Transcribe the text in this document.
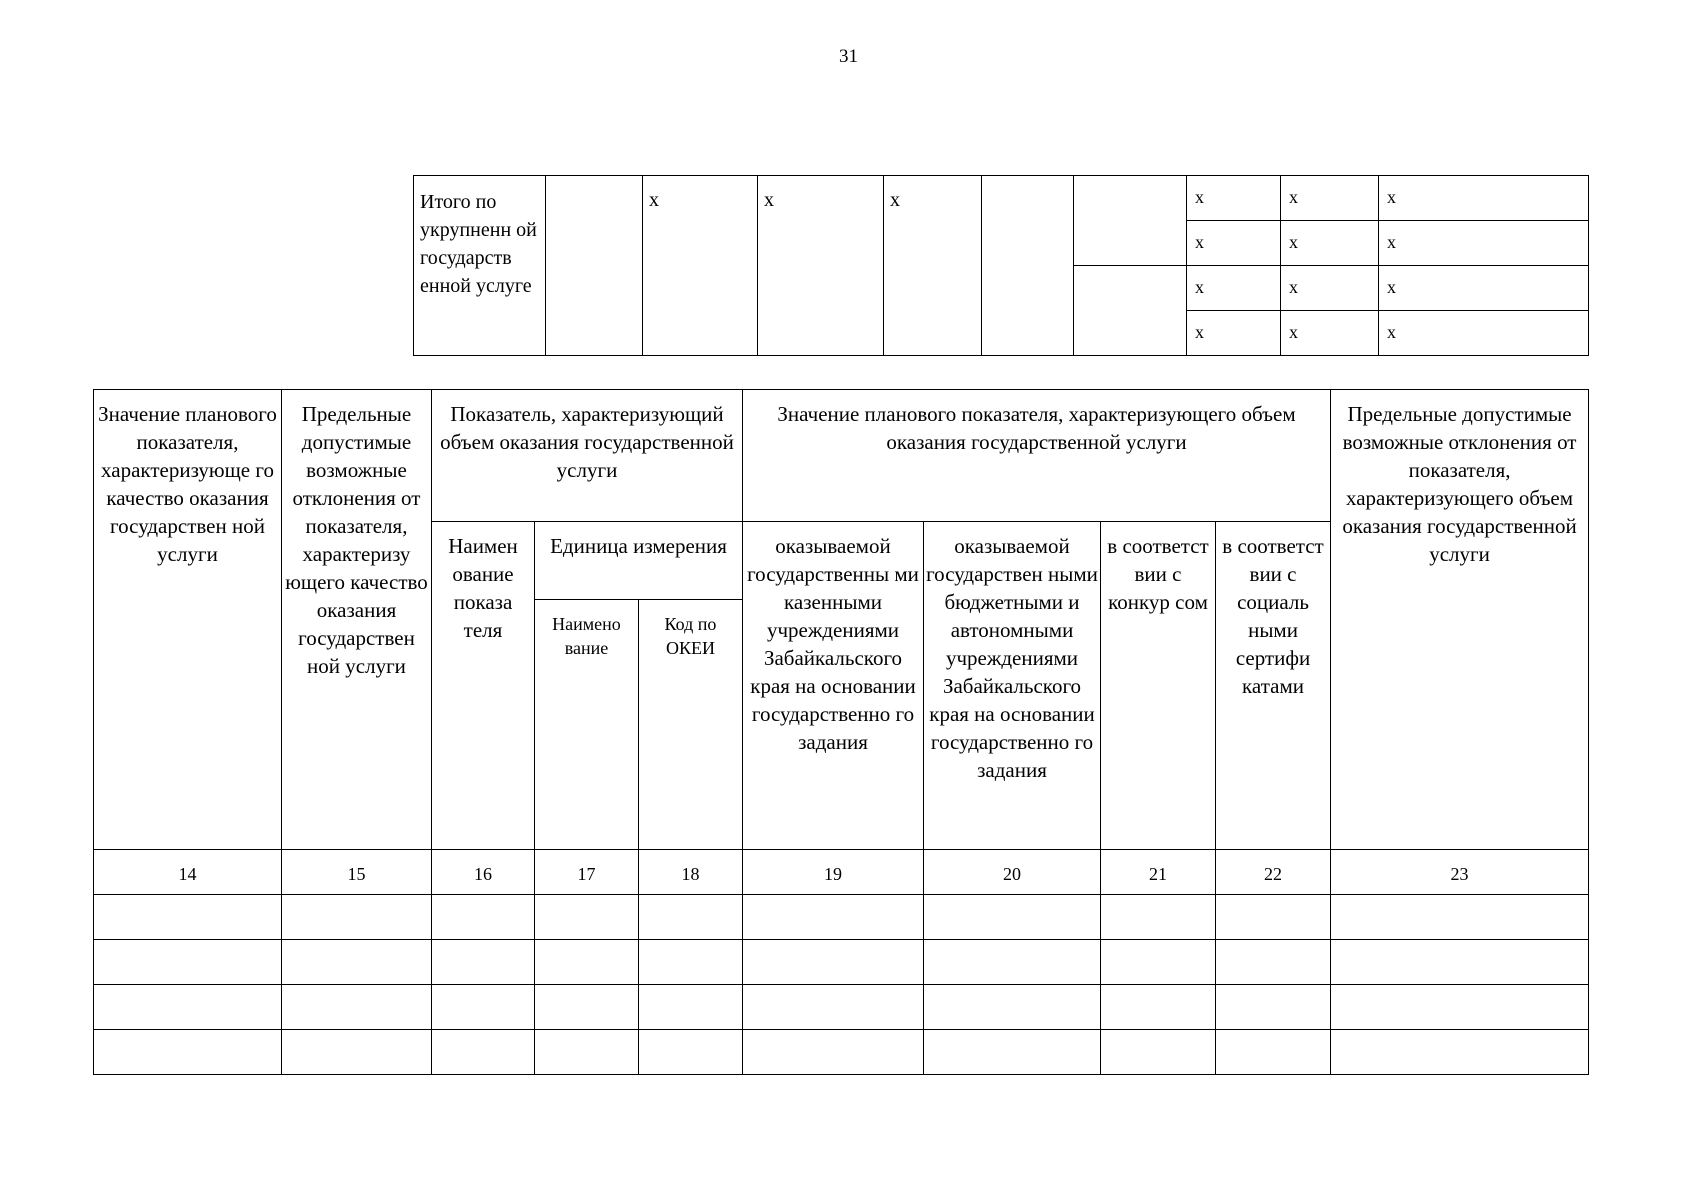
31
Итого по укрупненн ой государств енной услуге		x	x	x			x	x	x
							x	x	x
							x	x	x
							x	x	x
Значение планового показателя, характеризующе го качество оказания государствен ной услуги	Предельные допустимые возможные отклонения от показателя, характеризу ющего качество оказания государствен ной услуги	Показатель, характеризующий объем оказания государственной услуги			Значение планового показателя, характеризующего объем оказания государственной услуги				Предельные допустимые возможные отклонения от показателя, характеризующего объем оказания государственной услуги
		Наимен ование показа теля	Единица измерения		оказываемой государственны ми казенными учреждениями Забайкальского края на основании государственно го задания	оказываемой государствен ными бюджетными и автономными учреждениями Забайкальского края на основании государственно го задания	в соответст вии с конкур сом	в соответст вии с социаль ными сертифи катами	
			Наимено вание	Код по ОКЕИ					
14	15	16	17	18	19	20	21	22	23
